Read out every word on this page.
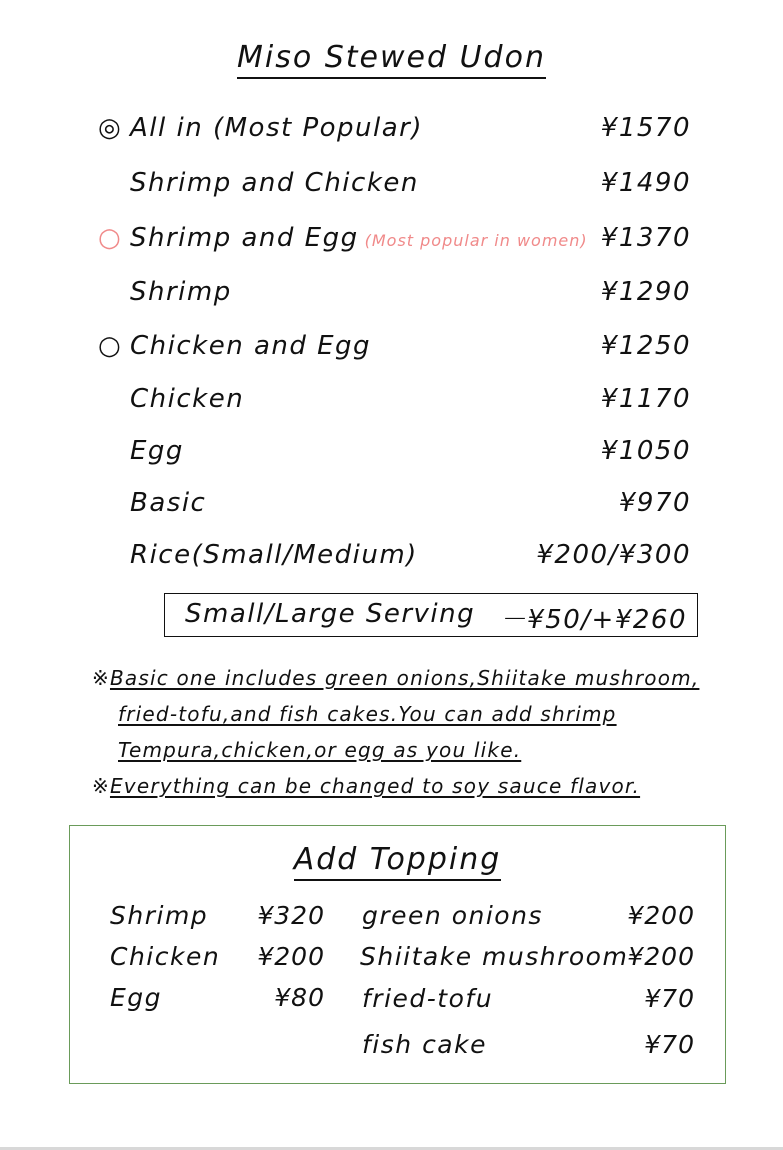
Miso Stewed Udon
◎ All in (Most Popular)	¥1570
Shrimp and Chicken	¥1490
○ Shrimp and Egg (Most popular in women) ¥1370
Shrimp	¥1290
○ Chicken and Egg	¥1250
Chicken	¥1170
Egg	¥1050
Basic	¥970
Rice(Small/Medium)	¥200/¥300
Small/Large Serving －¥50/+¥260
※Basic one includes green onions,Shiitake mushroom,
fried-tofu,and fish cakes.You can add shrimp
Tempura,chicken,or egg as you like.
※Everything can be changed to soy sauce flavor.
Add Topping
Shrimp	¥320
Chicken	¥200
Egg	¥80
green onions	¥200
Shiitake mushroom ¥200
fried-tofu	¥70
fish cake	¥70
